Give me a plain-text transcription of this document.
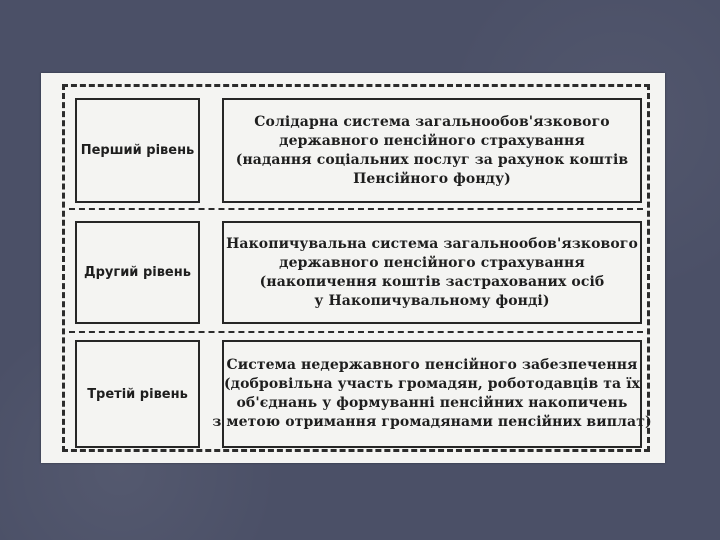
Перший рівень
Солідарна система загальнообов'язкового
державного пенсійного страхування
(надання соціальних послуг за рахунок коштів
Пенсійного фонду)
Другий рівень
Накопичувальна система загальнообов'язкового
державного пенсійного страхування
(накопичення коштів застрахованих осіб
у Накопичувальному фонді)
Третій рівень
Система недержавного пенсійного забезпечення
(добровільна участь громадян, роботодавців та їх
об'єднань у формуванні пенсійних накопичень
з метою отримання громадянами пенсійних виплат)
